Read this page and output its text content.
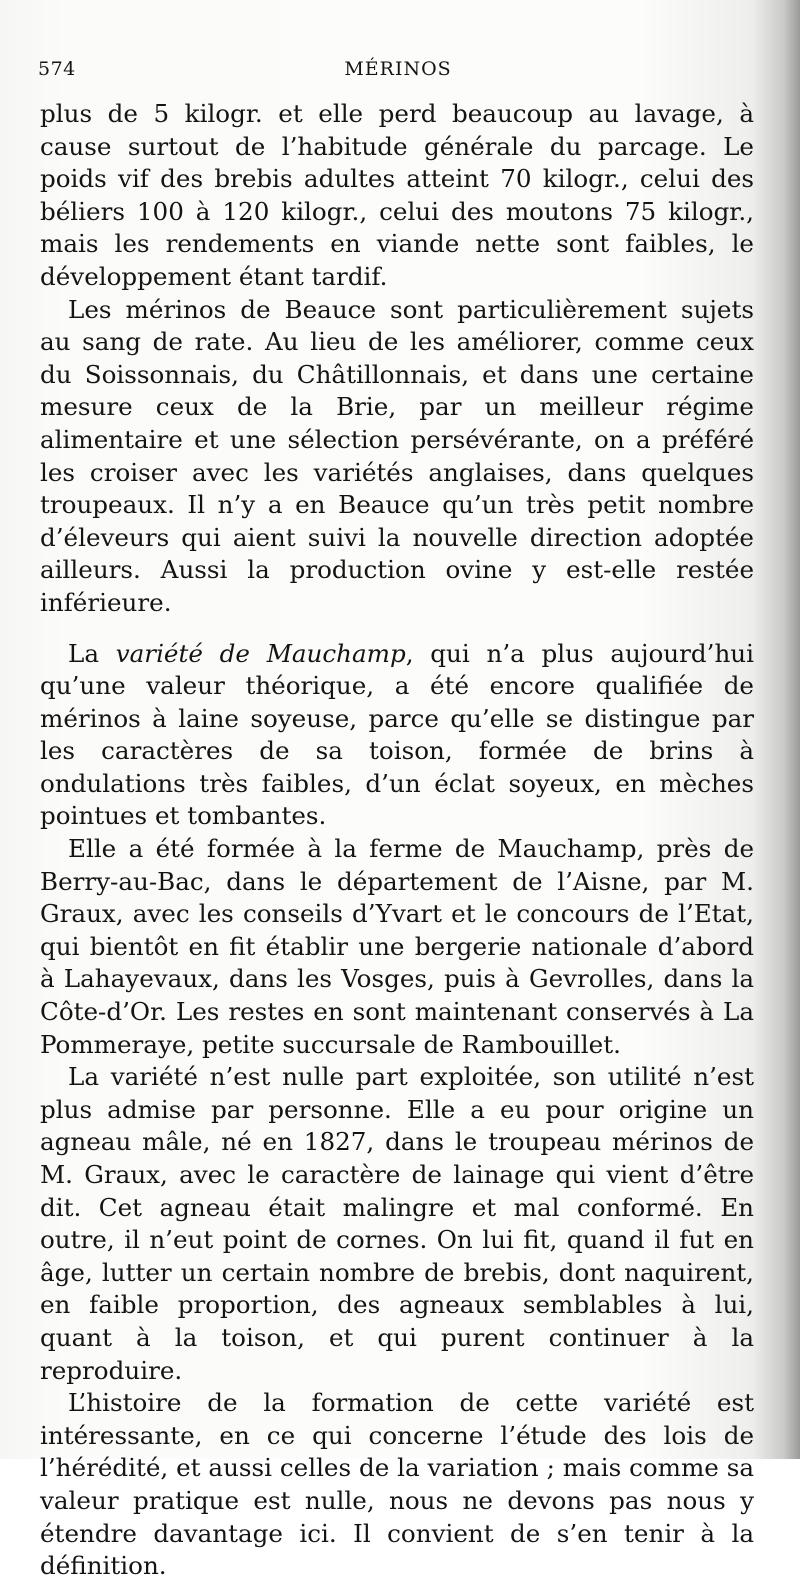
574	MÉRINOS

plus de 5 kilogr. et elle perd beaucoup au lavage, à cause surtout de l’habitude générale du parcage. Le poids vif des brebis adultes atteint 70 kilogr., celui des béliers 100 à 120 kilogr., celui des moutons 75 kilogr., mais les rendements en viande nette sont faibles, le développement étant tardif.

Les mérinos de Beauce sont particulièrement sujets au sang de rate. Au lieu de les améliorer, comme ceux du Soissonnais, du Châtillonnais, et dans une certaine mesure ceux de la Brie, par un meilleur régime alimentaire et une sélection persévérante, on a préféré les croiser avec les variétés anglaises, dans quelques troupeaux. Il n’y a en Beauce qu’un très petit nombre d’éleveurs qui aient suivi la nouvelle direction adoptée ailleurs. Aussi la production ovine y est-elle restée inférieure.

La variété de Mauchamp, qui n’a plus aujourd’hui qu’une valeur théorique, a été encore qualifiée de mérinos à laine soyeuse, parce qu’elle se distingue par les caractères de sa toison, formée de brins à ondulations très faibles, d’un éclat soyeux, en mèches pointues et tombantes.

Elle a été formée à la ferme de Mauchamp, près de Berry-au-Bac, dans le département de l’Aisne, par M. Graux, avec les conseils d’Yvart et le concours de l’Etat, qui bientôt en fit établir une bergerie nationale d’abord à Lahayevaux, dans les Vosges, puis à Gevrolles, dans la Côte-d’Or. Les restes en sont maintenant conservés à La Pommeraye, petite succursale de Rambouillet.

La variété n’est nulle part exploitée, son utilité n’est plus admise par personne. Elle a eu pour origine un agneau mâle, né en 1827, dans le troupeau mérinos de M. Graux, avec le caractère de lainage qui vient d’être dit. Cet agneau était malingre et mal conformé. En outre, il n’eut point de cornes. On lui fit, quand il fut en âge, lutter un certain nombre de brebis, dont naquirent, en faible proportion, des agneaux semblables à lui, quant à la toison, et qui purent continuer à la reproduire.

L’histoire de la formation de cette variété est intéressante, en ce qui concerne l’étude des lois de l’hérédité, et aussi celles de la variation ; mais comme sa valeur pratique est nulle, nous ne devons pas nous y étendre davantage ici. Il convient de s’en tenir à la définition.
